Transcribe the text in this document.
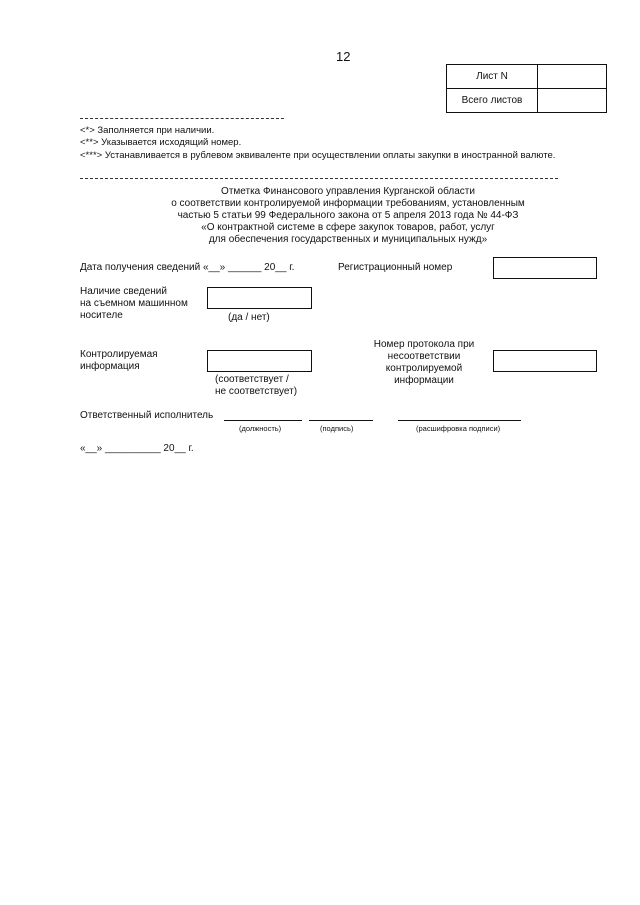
12
Лист N	
Всего листов	
<*> Заполняется при наличии.
<**> Указывается исходящий номер.
<***> Устанавливается в рублевом эквиваленте при осуществлении оплаты закупки в иностранной валюте.
Отметка Финансового управления Курганской области
о соответствии контролируемой информации требованиям, установленным
частью 5 статьи 99 Федерального закона от 5 апреля 2013 года № 44-ФЗ
«О контрактной системе в сфере закупок товаров, работ, услуг
для обеспечения государственных и муниципальных нужд»
Дата получения сведений «__» ______ 20__ г.	Регистрационный номер
Наличие сведений
на съемном машинном
носителе	(да / нет)
Контролируемая
информация
(соответствует /
не соответствует)
Номер протокола при
несоответствии
контролируемой
информации
Ответственный исполнитель
(должность)	(подпись)	(расшифровка подписи)
«__» __________ 20__ г.
